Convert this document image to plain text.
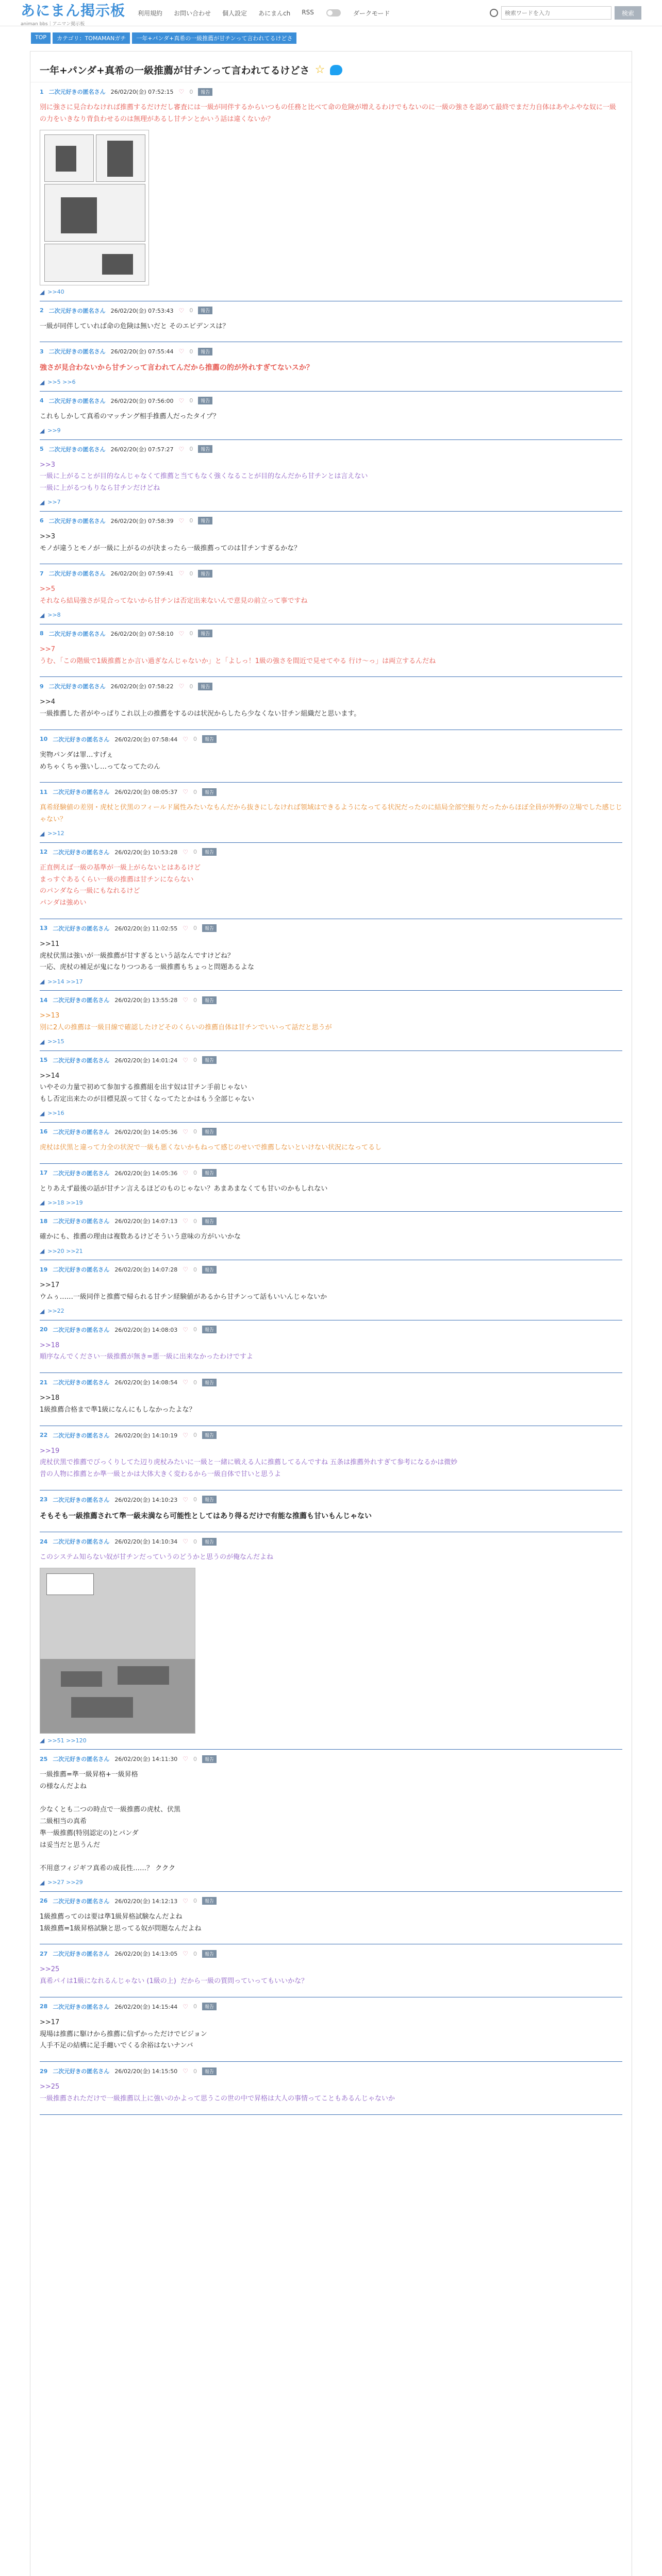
あにまん掲示板
animan bbs｜アニマン掲示板
利用規約 お問い合わせ 個人設定 あにまんch RSS	ダークモード
検索ワードを入力	検索
TOP	カテゴリ：TOMAMANガチ	一年+パンダ+真希の一級推薦が甘チンって言われてるけどさ
一年+パンダ+真希の一級推薦が甘チンって言われてるけどさ ☆
1 二次元好きの匿名さん 26/02/20(金) 07:52:15 ♡ 0	報告
別に強さに見合わなければ推薦するだけだし審査には一級が同伴するからいつもの任務と比べて命の危険が増えるわけでもないのに一級の強さを認めて最終でまだ力自体はあやふやな奴に一級の力をいきなり背負わせるのは無理があるし甘チンとかいう話は違くないか？
◢ >>40
2 二次元好きの匿名さん 26/02/20(金) 07:53:43 ♡ 0	報告
一級が同伴していれば命の危険は無いだと そのエビデンスは？
3 二次元好きの匿名さん 26/02/20(金) 07:55:44 ♡ 0	報告
強さが見合わないから甘チンって言われてんだから推薦の的が外れすぎてないスか？
◢ >>5 >>6
4 二次元好きの匿名さん 26/02/20(金) 07:56:00 ♡ 0	報告
これもしかして真希のマッチング相手推薦人だったタイプ？
◢ >>9
5 二次元好きの匿名さん 26/02/20(金) 07:57:27 ♡ 0	報告
>>3
一級に上がることが目的なんじゃなくて推薦と当てもなく強くなることが目的なんだから甘チンとは言えない
一級に上がるつもりなら甘チンだけどね
◢ >>7
6 二次元好きの匿名さん 26/02/20(金) 07:58:39 ♡ 0	報告
>>3
モノが違うとモノが一級に上がるのが決まったら一級推薦ってのは甘チンすぎるかな？
7 二次元好きの匿名さん 26/02/20(金) 07:59:41 ♡ 0	報告
>>5
それなら結局強さが見合ってないから甘チンは否定出来ないんで意見の前立って事ですね
◢ >>8
8 二次元好きの匿名さん 26/02/20(金) 07:58:10 ♡ 0	報告
>>7
うむ、「この階級で1級推薦とか言い過ぎなんじゃないか」と「よしっ！1級の強さを間近で見せてやる 行け〜っ」は両立するんだね
9 二次元好きの匿名さん 26/02/20(金) 07:58:22 ♡ 0	報告
>>4
一級推薦した者がやっぱりこれ以上の推薦をするのは状況からしたら少なくない甘チン組織だと思います。
10 二次元好きの匿名さん 26/02/20(金) 07:58:44 ♡ 0	報告
実物パンダは罪…すげぇ
めちゃくちゃ強いし…ってなってたのん
11 二次元好きの匿名さん 26/02/20(金) 08:05:37 ♡ 0	報告
真希経験値の差別・虎杖と伏黒のフィールド属性みたいなもんだから抜きにしなければ領域はできるようになってる状況だったのに結局全部空振りだったからほぼ全員が外野の立場でした感じじゃない？
◢ >>12
12 二次元好きの匿名さん 26/02/20(金) 10:53:28 ♡ 0	報告
正直例えば一級の基準が一級上がらないとはあるけど
まっすぐあるくらい一級の推薦は甘チンにならない
のパンダなら一級にもなれるけど
パンダは強めい
13 二次元好きの匿名さん 26/02/20(金) 11:02:55 ♡ 0	報告
>>11
虎杖伏黒は強いが一級推薦が甘すぎるという話なんですけどね？
一応、虎杖の補足が鬼になりつつある一級推薦もちょっと問題あるよな
◢ >>14 >>17
14 二次元好きの匿名さん 26/02/20(金) 13:55:28 ♡ 0	報告
>>13
別に2人の推薦は一級目線で確認したけどそのくらいの推薦自体は甘チンでいいって話だと思うが
◢ >>15
15 二次元好きの匿名さん 26/02/20(金) 14:01:24 ♡ 0	報告
>>14
いやその力量で初めて参加する推薦組を出す奴は甘チン手前じゃない
もし否定出来たのが目標見誤って甘くなってたとかはもう全部じゃない
◢ >>16
16 二次元好きの匿名さん 26/02/20(金) 14:05:36 ♡ 0	報告
虎杖は伏黒と違って力全の状況で一級も悪くないかもねって感じのせいで推薦しないといけない状況になってるし
17 二次元好きの匿名さん 26/02/20(金) 14:05:36 ♡ 0	報告
とりあえず最後の話が甘チン言えるほどのものじゃない？あまあまなくても甘いのかもしれない
◢ >>18 >>19
18 二次元好きの匿名さん 26/02/20(金) 14:07:13 ♡ 0	報告
確かにも、推薦の理由は複数あるけどそういう意味の方がいいかな
◢ >>20 >>21
19 二次元好きの匿名さん 26/02/20(金) 14:07:28 ♡ 0	報告
>>17
ウムぅ……一級同伴と推薦で帰られる甘チン経験値があるから甘チンって話もいいんじゃないか
◢ >>22
20 二次元好きの匿名さん 26/02/20(金) 14:08:03 ♡ 0	報告
>>18
順序なんでください一級推薦が無き=悪一級に出来なかったわけですよ
21 二次元好きの匿名さん 26/02/20(金) 14:08:54 ♡ 0	報告
>>18
1級推薦合格まで準1級になんにもしなかったよな？
22 二次元好きの匿名さん 26/02/20(金) 14:10:19 ♡ 0	報告
>>19
虎杖伏黒で推薦でびっくりしてた辺り虎杖みたいに一級と一緒に戦える人に推薦してるんですね 五条は推薦外れすぎて参考になるかは微妙
昔の人物に推薦とか準一級とかは大体大きく変わるから一級自体で甘いと思うよ
23 二次元好きの匿名さん 26/02/20(金) 14:10:23 ♡ 0	報告
そもそも一級推薦されて準一級未満なら可能性としてはあり得るだけで有能な推薦も甘いもんじゃない
24 二次元好きの匿名さん 26/02/20(金) 14:10:34 ♡ 0	報告
このシステム知らない奴が甘チンだっていうのどうかと思うのが俺なんだよね
◢ >>51 >>120
25 二次元好きの匿名さん 26/02/20(金) 14:11:30 ♡ 0	報告
一級推薦=準一級昇格+一級昇格
の様なんだよね

少なくとも二つの時点で一級推薦の虎杖、伏黒
二級相当の真希
準一級推薦(特別認定の)とパンダ
は妥当だと思うんだ

不用意フィジギフ真希の成長性……？ ククク
◢ >>27 >>29
26 二次元好きの匿名さん 26/02/20(金) 14:12:13 ♡ 0	報告
1級推薦ってのは要は準1級昇格試験なんだよね
1級推薦=1級昇格試験と思ってる奴が問題なんだよね
27 二次元好きの匿名さん 26/02/20(金) 14:13:05 ♡ 0	報告
>>25
真希パイは1級になれるんじゃない (1級の上)  だから一級の質問っていってもいいかな？
28 二次元好きの匿名さん 26/02/20(金) 14:15:44 ♡ 0	報告
>>17
現場は推薦に駆けから推薦に信ずかっただけでビジョン
人手不足の結構に足手纏いでくる余裕はないナンバ
29 二次元好きの匿名さん 26/02/20(金) 14:15:50 ♡ 0	報告
>>25
一級推薦されただけで一級推薦以上に強いのかよって思うこの世の中で昇格は大人の事情ってこともあるんじゃないか
